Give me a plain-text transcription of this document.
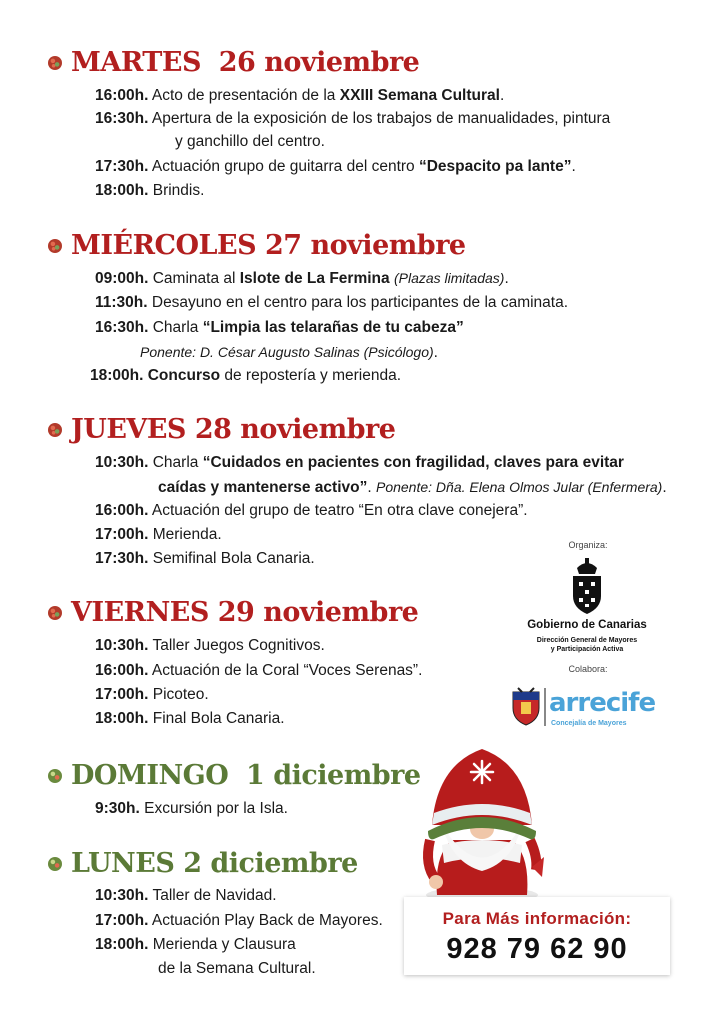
MARTES  26 noviembre
16:00h. Acto de presentación de la XXIII Semana Cultural.
16:30h. Apertura de la exposición de los trabajos de manualidades, pintura
y ganchillo del centro.
17:30h. Actuación grupo de guitarra del centro “Despacito pa lante”.
18:00h. Brindis.
MIÉRCOLES 27 noviembre
09:00h. Caminata al Islote de La Fermina (Plazas limitadas).
11:30h. Desayuno en el centro para los participantes de la caminata.
16:30h. Charla “Limpia las telarañas de tu cabeza”
Ponente: D. César Augusto Salinas (Psicólogo).
18:00h. Concurso de repostería y merienda.
JUEVES 28 noviembre
10:30h. Charla “Cuidados en pacientes con fragilidad, claves para evitar
caídas y mantenerse activo”. Ponente: Dña. Elena Olmos Jular (Enfermera).
16:00h. Actuación del grupo de teatro “En otra clave conejera”.
17:00h. Merienda.
17:30h. Semifinal Bola Canaria.
VIERNES 29 noviembre
10:30h. Taller Juegos Cognitivos.
16:00h. Actuación de la Coral “Voces Serenas”.
17:00h. Picoteo.
18:00h. Final Bola Canaria.
DOMINGO  1 diciembre
9:30h. Excursión por la Isla.
LUNES 2 diciembre
10:30h. Taller de Navidad.
17:00h. Actuación Play Back de Mayores.
18:00h. Merienda y Clausura
de la Semana Cultural.
Organiza:
Gobierno de Canarias
Dirección General de Mayores
y Participación Activa
Colabora:
arrecife
Concejalía de Mayores
Para Más información:
928 79 62 90
